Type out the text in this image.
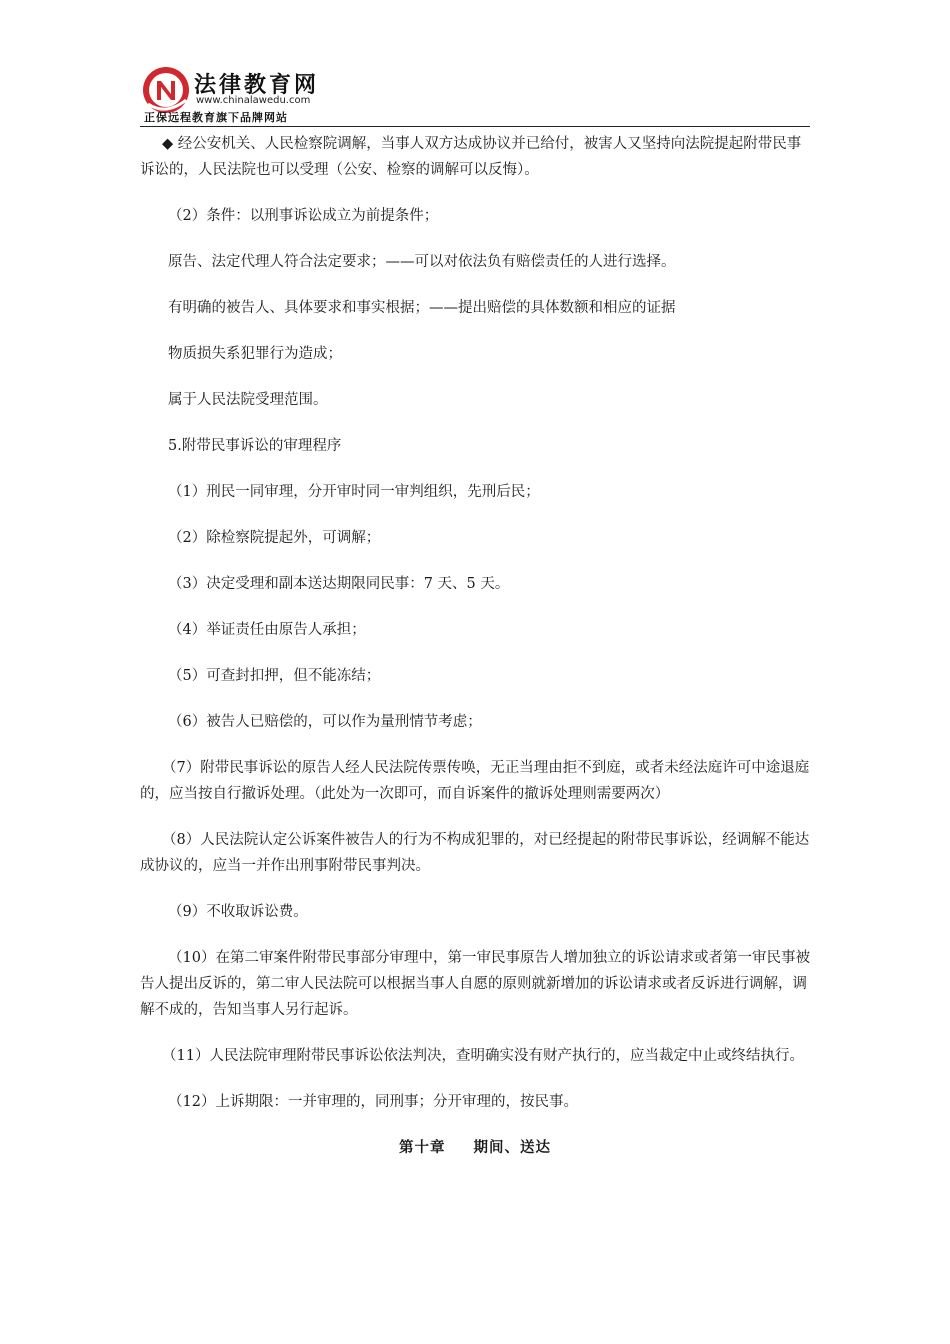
法律教育网
www.chinalawedu.com
正保远程教育旗下品牌网站

◆ 经公安机关、人民检察院调解，当事人双方达成协议并已给付，被害人又坚持向法院提起附带民事诉讼的，人民法院也可以受理（公安、检察的调解可以反悔）。

（2）条件：以刑事诉讼成立为前提条件；

原告、法定代理人符合法定要求；——可以对依法负有赔偿责任的人进行选择。

有明确的被告人、具体要求和事实根据；——提出赔偿的具体数额和相应的证据

物质损失系犯罪行为造成；

属于人民法院受理范围。

5.附带民事诉讼的审理程序

（1）刑民一同审理，分开审时同一审判组织，先刑后民；

（2）除检察院提起外，可调解；

（3）决定受理和副本送达期限同民事：7 天、5 天。

（4）举证责任由原告人承担；

（5）可查封扣押，但不能冻结；

（6）被告人已赔偿的，可以作为量刑情节考虑；

（7）附带民事诉讼的原告人经人民法院传票传唤，无正当理由拒不到庭，或者未经法庭许可中途退庭的，应当按自行撤诉处理。（此处为一次即可，而自诉案件的撤诉处理则需要两次）

（8）人民法院认定公诉案件被告人的行为不构成犯罪的，对已经提起的附带民事诉讼，经调解不能达成协议的，应当一并作出刑事附带民事判决。

（9）不收取诉讼费。

（10）在第二审案件附带民事部分审理中，第一审民事原告人增加独立的诉讼请求或者第一审民事被告人提出反诉的，第二审人民法院可以根据当事人自愿的原则就新增加的诉讼请求或者反诉进行调解，调解不成的，告知当事人另行起诉。

（11）人民法院审理附带民事诉讼依法判决，查明确实没有财产执行的，应当裁定中止或终结执行。

（12）上诉期限：一并审理的，同刑事；分开审理的，按民事。

第十章 期间、送达
